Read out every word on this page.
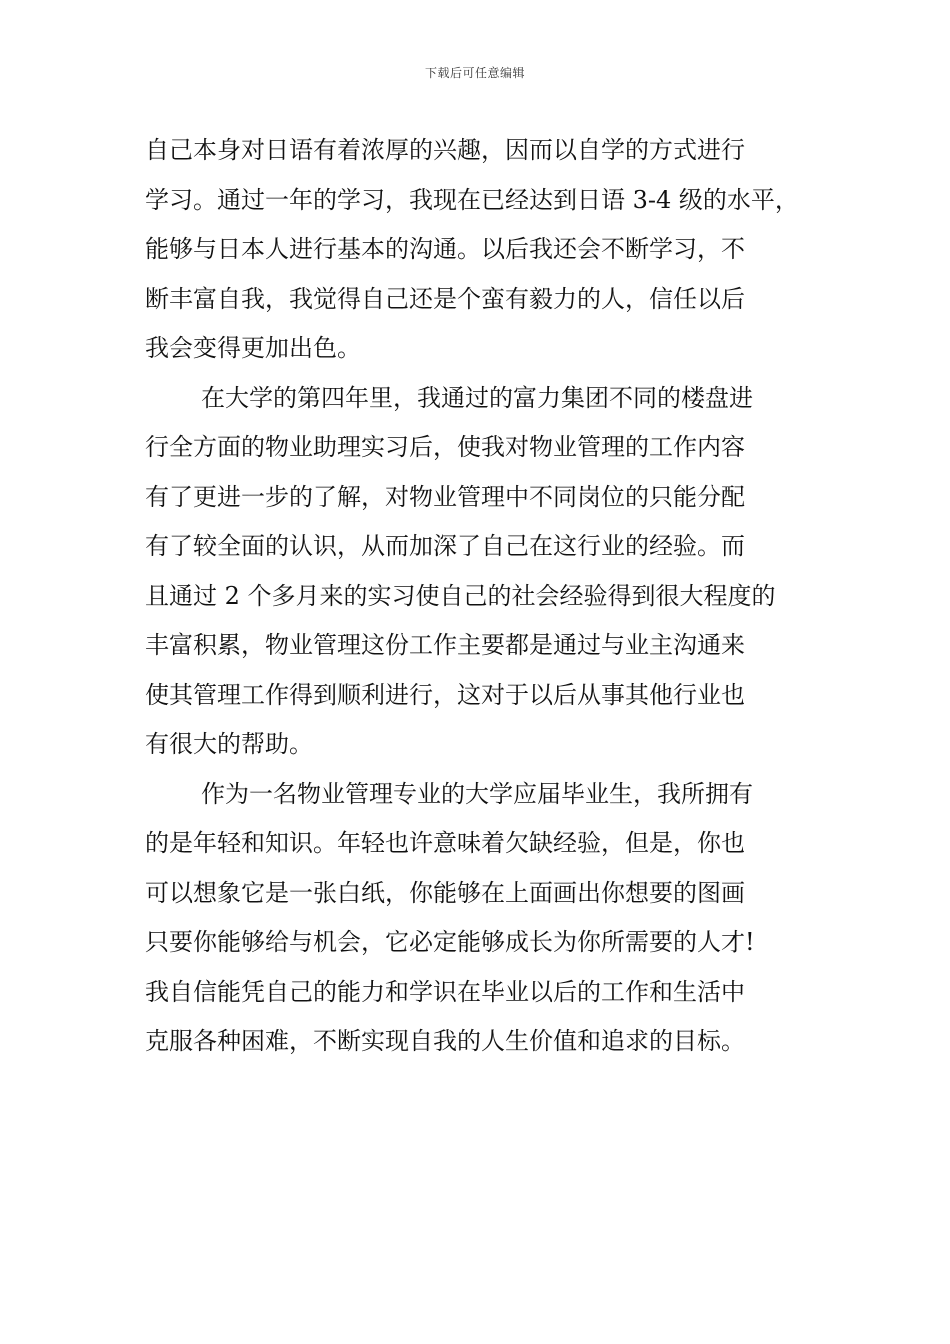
下载后可任意编辑
自己本身对日语有着浓厚的兴趣，因而以自学的方式进行
学习。通过一年的学习，我现在已经达到日语 3-4 级的水平，
能够与日本人进行基本的沟通。以后我还会不断学习，不
断丰富自我，我觉得自己还是个蛮有毅力的人，信任以后
我会变得更加出色。
在大学的第四年里，我通过的富力集团不同的楼盘进
行全方面的物业助理实习后，使我对物业管理的工作内容
有了更进一步的了解，对物业管理中不同岗位的只能分配
有了较全面的认识，从而加深了自己在这行业的经验。而
且通过 2 个多月来的实习使自己的社会经验得到很大程度的
丰富积累，物业管理这份工作主要都是通过与业主沟通来
使其管理工作得到顺利进行，这对于以后从事其他行业也
有很大的帮助。
作为一名物业管理专业的大学应届毕业生，我所拥有
的是年轻和知识。年轻也许意味着欠缺经验，但是，你也
可以想象它是一张白纸，你能够在上面画出你想要的图画
只要你能够给与机会，它必定能够成长为你所需要的人才!
我自信能凭自己的能力和学识在毕业以后的工作和生活中
克服各种困难，不断实现自我的人生价值和追求的目标。
